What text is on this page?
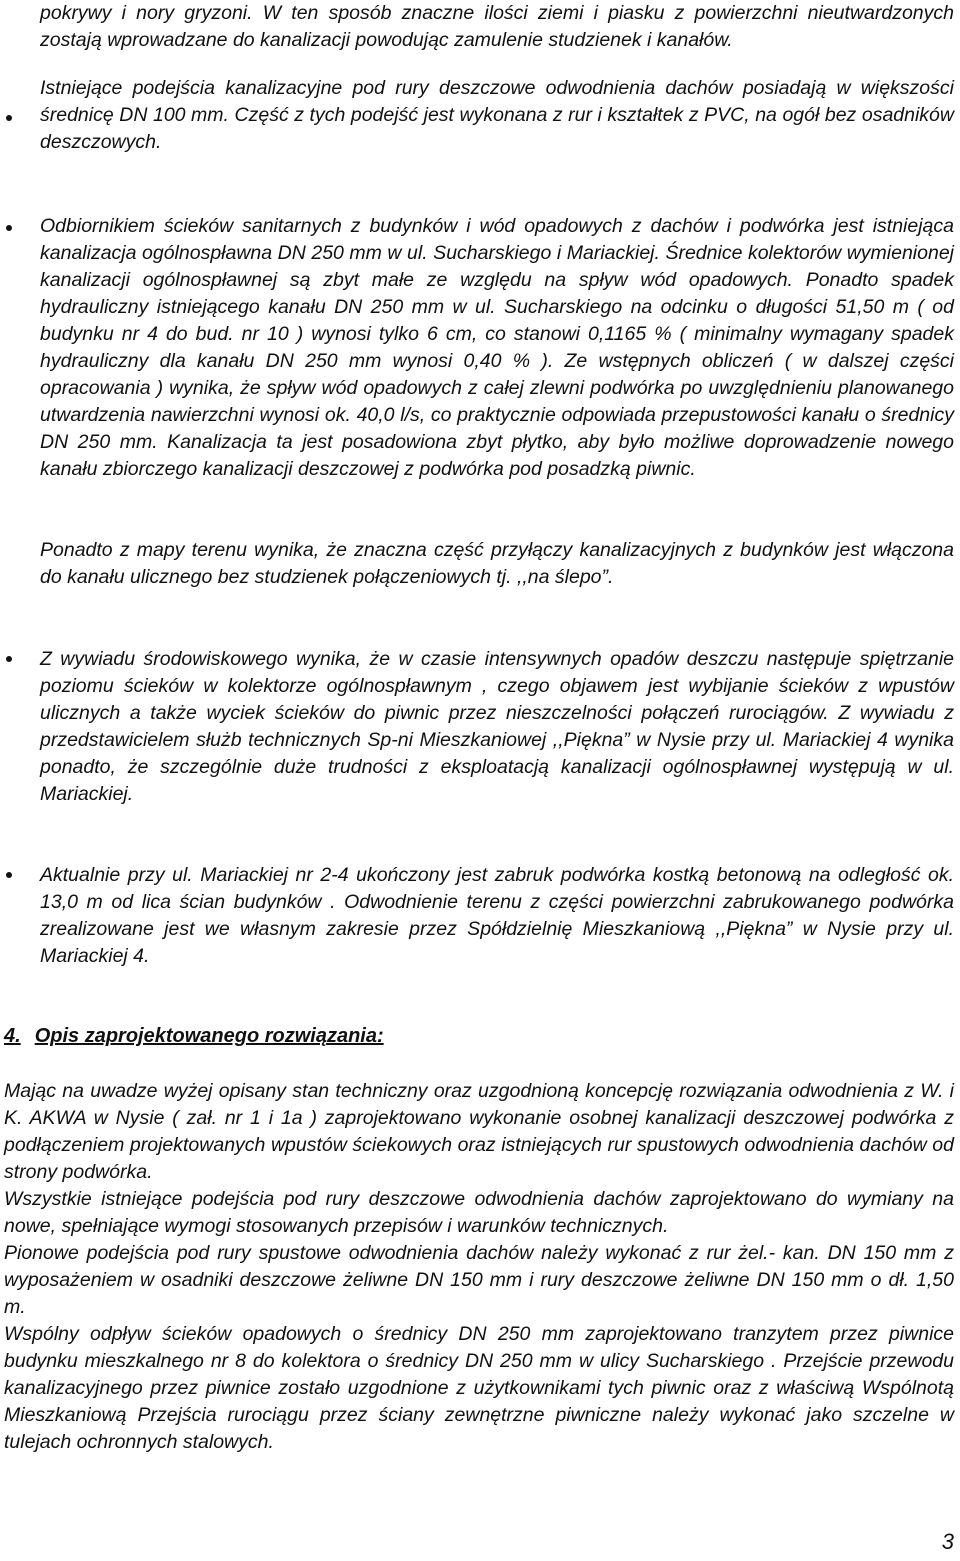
pokrywy i nory gryzoni. W ten sposób znaczne ilości ziemi i piasku z powierzchni nieutwardzonych zostają wprowadzane do kanalizacji powodując zamulenie studzienek i kanałów.

Istniejące podejścia kanalizacyjne pod rury deszczowe odwodnienia dachów posiadają w większości średnicę DN 100 mm. Część z tych podejść jest wykonana z rur i kształtek z PVC, na ogół bez osadników deszczowych.

Odbiornikiem ścieków sanitarnych z budynków i wód opadowych z dachów i podwórka jest istniejąca kanalizacja ogólnospławna DN 250 mm w ul. Sucharskiego i Mariackiej. Średnice kolektorów wymienionej kanalizacji ogólnospławnej są zbyt małe ze względu na spływ wód opadowych. Ponadto spadek hydrauliczny istniejącego kanału DN 250 mm w ul. Sucharskiego na odcinku o długości 51,50 m ( od budynku nr 4 do bud. nr 10 ) wynosi tylko 6 cm, co stanowi 0,1165 % ( minimalny wymagany spadek hydrauliczny dla kanału DN 250 mm wynosi 0,40 % ). Ze wstępnych obliczeń ( w dalszej części opracowania ) wynika, że spływ wód opadowych z całej zlewni podwórka po uwzględnieniu planowanego utwardzenia nawierzchni wynosi ok. 40,0 l/s, co praktycznie odpowiada przepustowości kanału o średnicy DN 250 mm. Kanalizacja ta jest posadowiona zbyt płytko, aby było możliwe doprowadzenie nowego kanału zbiorczego kanalizacji deszczowej z podwórka pod posadzką piwnic.

Ponadto z mapy terenu wynika, że znaczna część przyłączy kanalizacyjnych z budynków jest włączona do kanału ulicznego bez studzienek połączeniowych tj. ,,na ślepo”.

Z wywiadu środowiskowego wynika, że w czasie intensywnych opadów deszczu następuje spiętrzanie poziomu ścieków w kolektorze ogólnospławnym , czego objawem jest wybijanie ścieków z wpustów ulicznych a także wyciek ścieków do piwnic przez nieszczelności połączeń rurociągów. Z wywiadu z przedstawicielem służb technicznych Sp-ni Mieszkaniowej ,,Piękna” w Nysie przy ul. Mariackiej 4 wynika ponadto, że szczególnie duże trudności z eksploatacją kanalizacji ogólnospławnej występują w ul. Mariackiej.

Aktualnie przy ul. Mariackiej nr 2-4 ukończony jest zabruk podwórka kostką betonową na odległość ok. 13,0 m od lica ścian budynków . Odwodnienie terenu z części powierzchni zabrukowanego podwórka zrealizowane jest we własnym zakresie przez Spółdzielnię Mieszkaniową ,,Piękna” w Nysie przy ul. Mariackiej 4.

4. Opis zaprojektowanego rozwiązania:

Mając na uwadze wyżej opisany stan techniczny oraz uzgodnioną koncepcję rozwiązania odwodnienia z W. i K. AKWA w Nysie ( zał. nr 1 i 1a ) zaprojektowano wykonanie osobnej kanalizacji deszczowej podwórka z podłączeniem projektowanych wpustów ściekowych oraz istniejących rur spustowych odwodnienia dachów od strony podwórka.

Wszystkie istniejące podejścia pod rury deszczowe odwodnienia dachów zaprojektowano do wymiany na nowe, spełniające wymogi stosowanych przepisów i warunków technicznych.

Pionowe podejścia pod rury spustowe odwodnienia dachów należy wykonać z rur żel.- kan. DN 150 mm z wyposażeniem w osadniki deszczowe żeliwne DN 150 mm i rury deszczowe żeliwne DN 150 mm o dł. 1,50 m.

Wspólny odpływ ścieków opadowych o średnicy DN 250 mm zaprojektowano tranzytem przez piwnice budynku mieszkalnego nr 8 do kolektora o średnicy DN 250 mm w ulicy Sucharskiego . Przejście przewodu kanalizacyjnego przez piwnice zostało uzgodnione z użytkownikami tych piwnic oraz z właściwą Wspólnotą Mieszkaniową Przejścia rurociągu przez ściany zewnętrzne piwniczne należy wykonać jako szczelne w tulejach ochronnych stalowych.

3
